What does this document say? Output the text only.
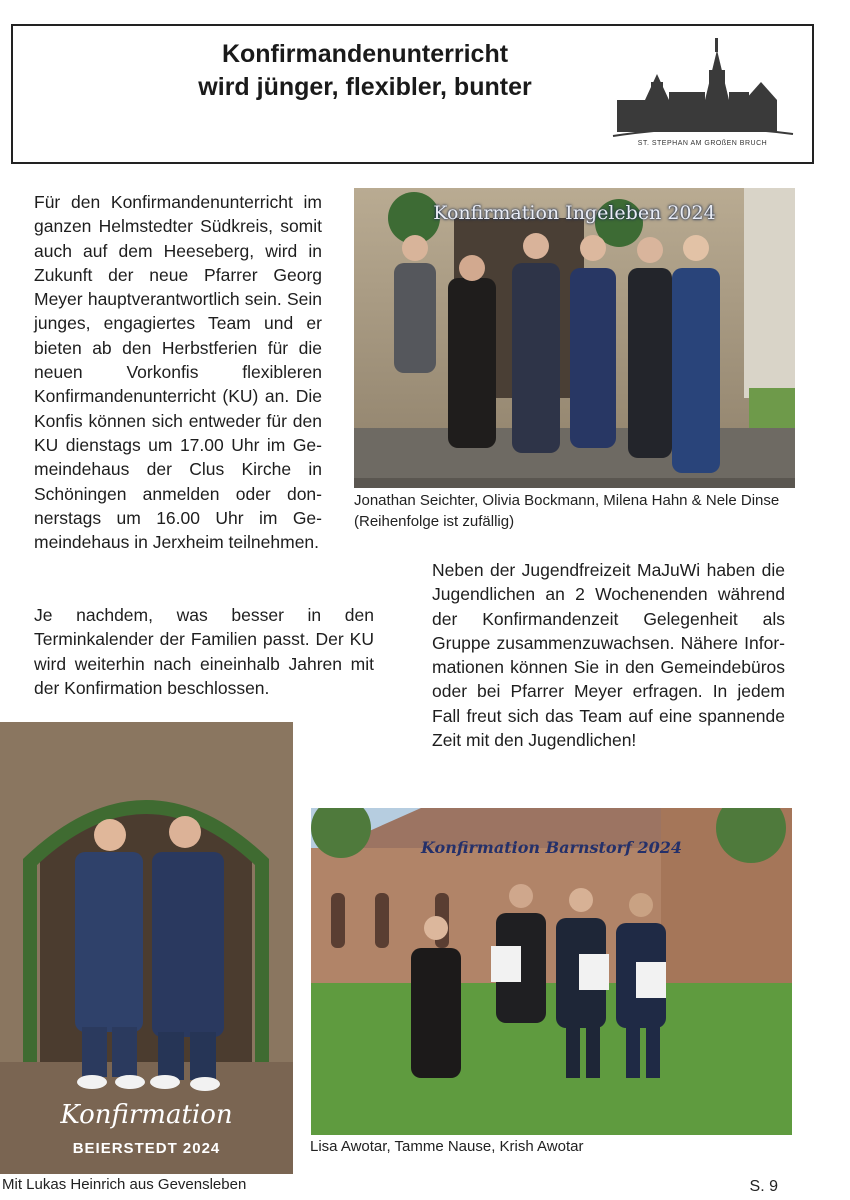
Konfirmandenunterricht
wird jünger, flexibler, bunter
ST. STEPHAN AM GROßEN BRUCH

Für den Konfirmandenunterricht im ganzen Helmstedter Südkreis, somit auch auf dem Heeseberg, wird in Zukunft der neue Pfarrer Georg Meyer hauptverantwortlich sein. Sein junges, engagiertes Team und er bieten ab den Herbstferien für die neuen Vorkonfis flexibleren Konfirmandenunterricht (KU) an. Die Konfis können sich entweder für den KU dienstags um 17.00 Uhr im Gemeindehaus der Clus Kirche in Schöningen anmelden oder donnerstags um 16.00 Uhr im Gemeindehaus in Jerxheim teilnehmen.

Je nachdem, was besser in den Terminkalender der Familien passt. Der KU wird weiterhin nach eineinhalb Jahren mit der Konfirmation beschlossen.

Konfirmation Ingeleben 2024

Jonathan Seichter, Olivia Bockmann, Milena Hahn & Nele Dinse (Reihenfolge ist zufällig)

Neben der Jugendfreizeit MaJuWi haben die Jugendlichen an 2 Wochenenden während der Konfirmandenzeit Gelegenheit als Gruppe zusammenzuwachsen. Nähere Informationen können Sie in den Gemeindebüros oder bei Pfarrer Meyer erfragen. In jedem Fall freut sich das Team auf eine spannende Zeit mit den Jugendlichen!

Konfirmation
BEIERSTEDT 2024

Mit Lukas Heinrich aus Gevensleben

Konfirmation Barnstorf 2024

Lisa Awotar, Tamme Nause, Krish Awotar

S. 9
